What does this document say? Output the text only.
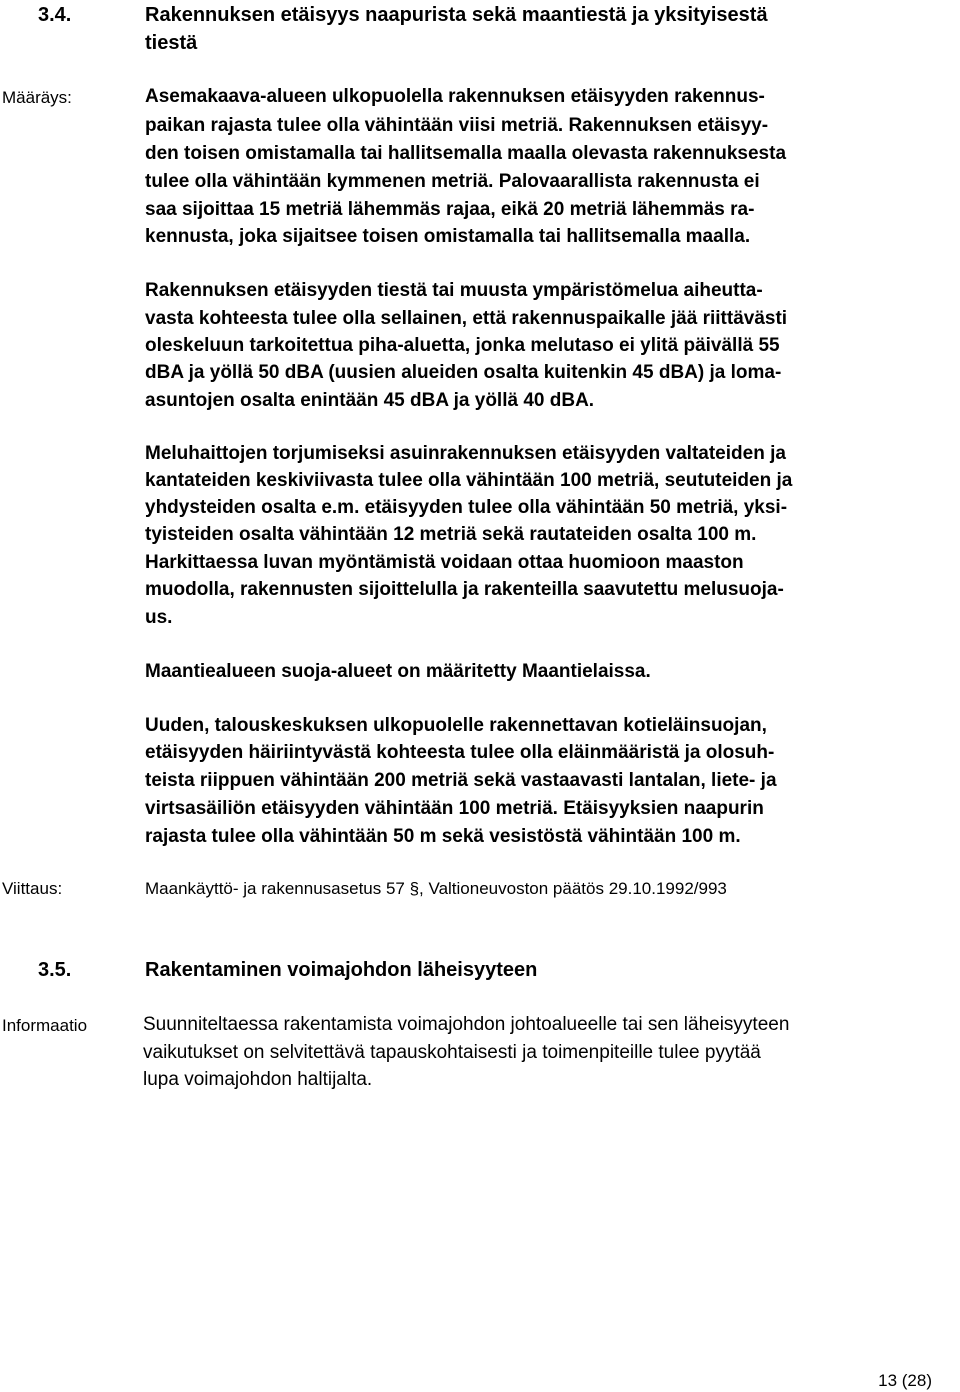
3.4.	Rakennuksen etäisyys naapurista sekä maantiestä ja yksityisestä
tiestä
Määräys:	Asemakaava-alueen ulkopuolella rakennuksen etäisyyden rakennus-
paikan rajasta tulee olla vähintään viisi metriä. Rakennuksen etäisyy-
den toisen omistamalla tai hallitsemalla maalla olevasta rakennuksesta
tulee olla vähintään kymmenen metriä. Palovaarallista rakennusta ei
saa sijoittaa 15 metriä lähemmäs rajaa, eikä 20 metriä lähemmäs ra-
kennusta, joka sijaitsee toisen omistamalla tai hallitsemalla maalla.
Rakennuksen etäisyyden tiestä tai muusta ympäristömelua aiheutta-
vasta kohteesta tulee olla sellainen, että rakennuspaikalle jää riittävästi
oleskeluun tarkoitettua piha-aluetta, jonka melutaso ei ylitä päivällä 55
dBA ja yöllä 50 dBA (uusien alueiden osalta kuitenkin 45 dBA) ja loma-
asuntojen osalta enintään 45 dBA ja yöllä 40 dBA.
Meluhaittojen torjumiseksi asuinrakennuksen etäisyyden valtateiden ja
kantateiden keskiviivasta tulee olla vähintään 100 metriä, seututeiden ja
yhdysteiden osalta e.m. etäisyyden tulee olla vähintään 50 metriä, yksi-
tyisteiden osalta vähintään 12 metriä sekä rautateiden osalta 100 m.
Harkittaessa luvan myöntämistä voidaan ottaa huomioon maaston
muodolla, rakennusten sijoittelulla ja rakenteilla saavutettu melusuoja-
us.
Maantiealueen suoja-alueet on määritetty Maantielaissa.
Uuden, talouskeskuksen ulkopuolelle rakennettavan kotieläinsuojan,
etäisyyden häiriintyvästä kohteesta tulee olla eläinmääristä ja olosuh-
teista riippuen vähintään 200 metriä sekä vastaavasti lantalan, liete- ja
virtsasäiliön etäisyyden vähintään 100 metriä. Etäisyyksien naapurin
rajasta tulee olla vähintään 50 m sekä vesistöstä vähintään 100 m.
Viittaus:	Maankäyttö- ja rakennusasetus 57 §, Valtioneuvoston päätös 29.10.1992/993
3.5.	Rakentaminen voimajohdon läheisyyteen
Informaatio	Suunniteltaessa rakentamista voimajohdon johtoalueelle tai sen läheisyyteen
vaikutukset on selvitettävä tapauskohtaisesti ja toimenpiteille tulee pyytää
lupa voimajohdon haltijalta.
13 (28)
